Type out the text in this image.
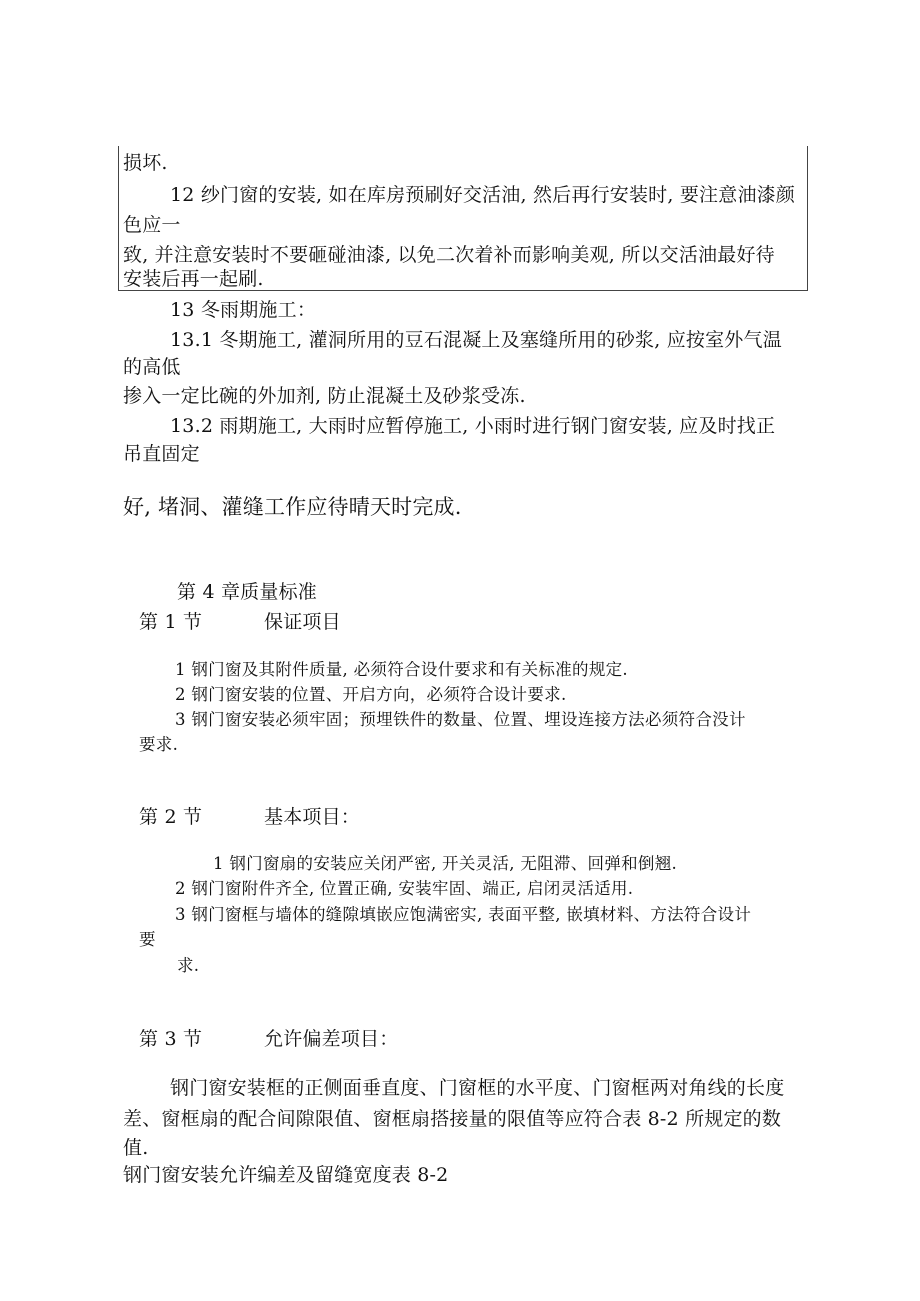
损坏.
12 纱门窗的安装, 如在库房预刷好交活油, 然后再行安装时, 要注意油漆颜
色应一
致, 并注意安装时不要砸碰油漆, 以免二次着补而影响美观, 所以交活油最好待
安装后再一起刷.
13 冬雨期施工：
13.1 冬期施工, 灌洞所用的豆石混凝上及塞缝所用的砂浆, 应按室外气温
的高低
掺入一定比碗的外加剂, 防止混凝土及砂浆受冻.
13.2 雨期施工, 大雨时应暂停施工, 小雨时进行钢门窗安装, 应及时找正
吊直固定
好, 堵洞、灌缝工作应待晴天时完成.
第 4 章质量标准
第 1 节	保证项目
1 钢门窗及其附件质量, 必须符合设什要求和有关标准的规定.
2 钢门窗安装的位置、开启方向，必须符合设计要求.
3 钢门窗安装必须牢固；预埋铁件的数量、位置、埋设连接方法必须符合没计
要求.
第 2 节	基本项目：
1 钢门窗扇的安装应关闭严密, 开关灵活, 无阻滞、回弹和倒翘.
2 钢门窗附件齐全, 位置正确, 安装牢固、端正, 启闭灵活适用.
3 钢门窗框与墙体的缝隙填嵌应饱满密实, 表面平整, 嵌填材料、方法符合设计
要
求.
第 3 节	允许偏差项目：
钢门窗安装框的正侧面垂直度、门窗框的水平度、门窗框两对角线的长度
差、窗框扇的配合间隙限值、窗框扇搭接量的限值等应符合表 8-2 所规定的数
值.
钢门窗安装允许编差及留缝宽度表 8-2
